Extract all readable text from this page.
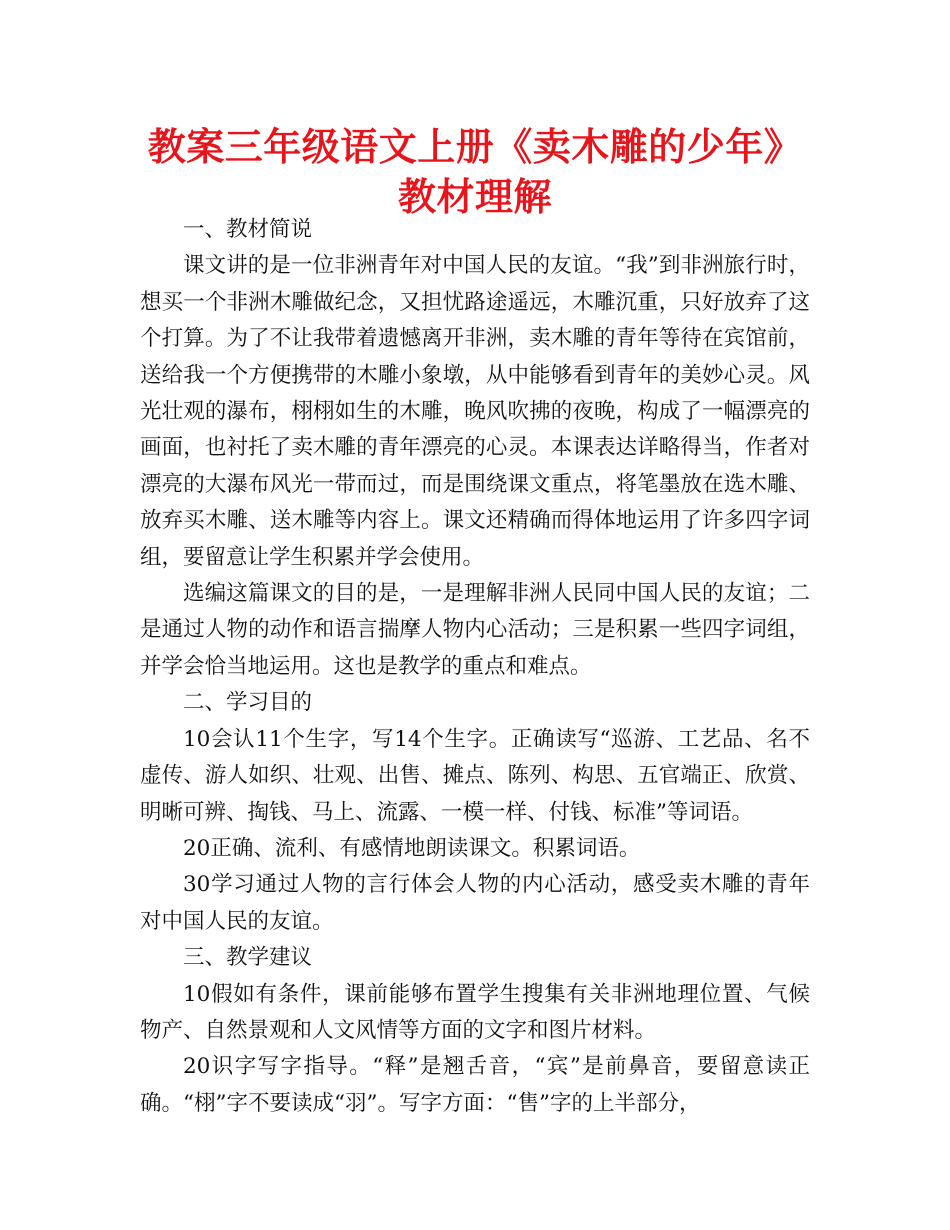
教案三年级语文上册《卖木雕的少年》教材理解

一、教材简说

课文讲的是一位非洲青年对中国人民的友谊。“我”到非洲旅行时，想买一个非洲木雕做纪念，又担忧路途遥远，木雕沉重，只好放弃了这个打算。为了不让我带着遗憾离开非洲，卖木雕的青年等待在宾馆前，送给我一个方便携带的木雕小象墩，从中能够看到青年的美妙心灵。风光壮观的瀑布，栩栩如生的木雕，晚风吹拂的夜晚，构成了一幅漂亮的画面，也衬托了卖木雕的青年漂亮的心灵。本课表达详略得当，作者对漂亮的大瀑布风光一带而过，而是围绕课文重点，将笔墨放在选木雕、放弃买木雕、送木雕等内容上。课文还精确而得体地运用了许多四字词组，要留意让学生积累并学会使用。

选编这篇课文的目的是，一是理解非洲人民同中国人民的友谊；二是通过人物的动作和语言揣摩人物内心活动；三是积累一些四字词组，并学会恰当地运用。这也是教学的重点和难点。

二、学习目的

10会认11个生字，写14个生字。正确读写“巡游、工艺品、名不虚传、游人如织、壮观、出售、摊点、陈列、构思、五官端正、欣赏、明晰可辨、掏钱、马上、流露、一模一样、付钱、标准”等词语。

20正确、流利、有感情地朗读课文。积累词语。

30学习通过人物的言行体会人物的内心活动，感受卖木雕的青年对中国人民的友谊。

三、教学建议

10假如有条件，课前能够布置学生搜集有关非洲地理位置、气候物产、自然景观和人文风情等方面的文字和图片材料。

20识字写字指导。“释”是翘舌音，“宾”是前鼻音，要留意读正确。“栩”字不要读成“羽”。写字方面：“售”字的上半部分，
